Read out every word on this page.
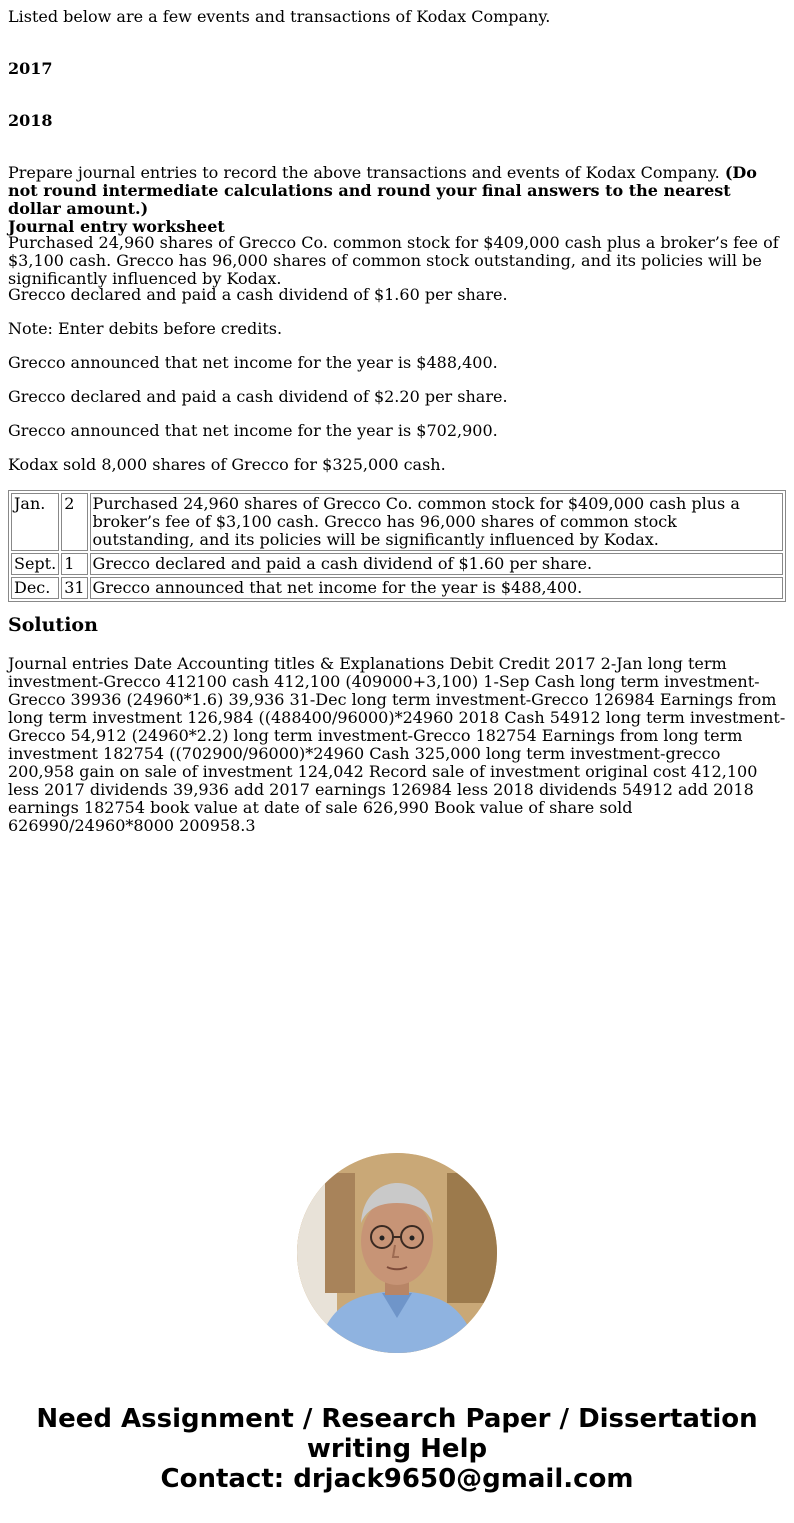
Listed below are a few events and transactions of Kodax Company.

2017

2018

Prepare journal entries to record the above transactions and events of Kodax Company. (Do not round intermediate calculations and round your final answers to the nearest dollar amount.)
Journal entry worksheet

Purchased 24,960 shares of Grecco Co. common stock for $409,000 cash plus a broker’s fee of $3,100 cash. Grecco has 96,000 shares of common stock outstanding, and its policies will be significantly influenced by Kodax.

Grecco declared and paid a cash dividend of $1.60 per share.

Note: Enter debits before credits.

Grecco announced that net income for the year is $488,400.

Grecco declared and paid a cash dividend of $2.20 per share.

Grecco announced that net income for the year is $702,900.

Kodax sold 8,000 shares of Grecco for $325,000 cash.

Jan.	2	Purchased 24,960 shares of Grecco Co. common stock for $409,000 cash plus a broker’s fee of $3,100 cash. Grecco has 96,000 shares of common stock outstanding, and its policies will be significantly influenced by Kodax.
Sept.	1	Grecco declared and paid a cash dividend of $1.60 per share.
Dec.	31	Grecco announced that net income for the year is $488,400.

Solution

Journal entries Date Accounting titles & Explanations Debit Credit 2017 2-Jan long term investment-Grecco 412100 cash 412,100 (409000+3,100) 1-Sep Cash long term investment-Grecco 39936 (24960*1.6) 39,936 31-Dec long term investment-Grecco 126984 Earnings from long term investment 126,984 ((488400/96000)*24960 2018 Cash 54912 long term investment-Grecco 54,912 (24960*2.2) long term investment-Grecco 182754 Earnings from long term investment 182754 ((702900/96000)*24960 Cash 325,000 long term investment-grecco 200,958 gain on sale of investment 124,042 Record sale of investment original cost 412,100 less 2017 dividends 39,936 add 2017 earnings 126984 less 2018 dividends 54912 add 2018 earnings 182754 book value at date of sale 626,990 Book value of share sold 626990/24960*8000 200958.3

Need Assignment / Research Paper / Dissertation
writing Help
Contact: drjack9650@gmail.com
